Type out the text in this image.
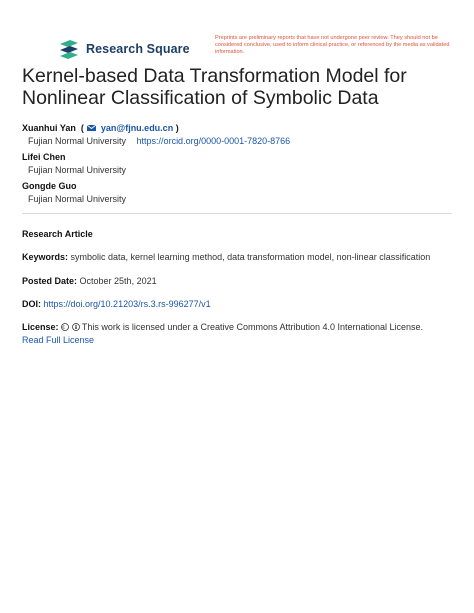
Research Square
Preprints are preliminary reports that have not undergone peer review. They should not be considered conclusive, used to inform clinical practice, or referenced by the media as validated information.
Kernel-based Data Transformation Model for Nonlinear Classification of Symbolic Data
Xuanhui Yan  ( yan@fjnu.edu.cn )
Fujian Normal University https://orcid.org/0000-0001-7820-8766
Lifei Chen
Fujian Normal University
Gongde Guo
Fujian Normal University
Research Article
Keywords: symbolic data, kernel learning method, data transformation model, non-linear classification
Posted Date: October 25th, 2021
DOI: https://doi.org/10.21203/rs.3.rs-996277/v1
License:	This work is licensed under a Creative Commons Attribution 4.0 International License.
Read Full License
